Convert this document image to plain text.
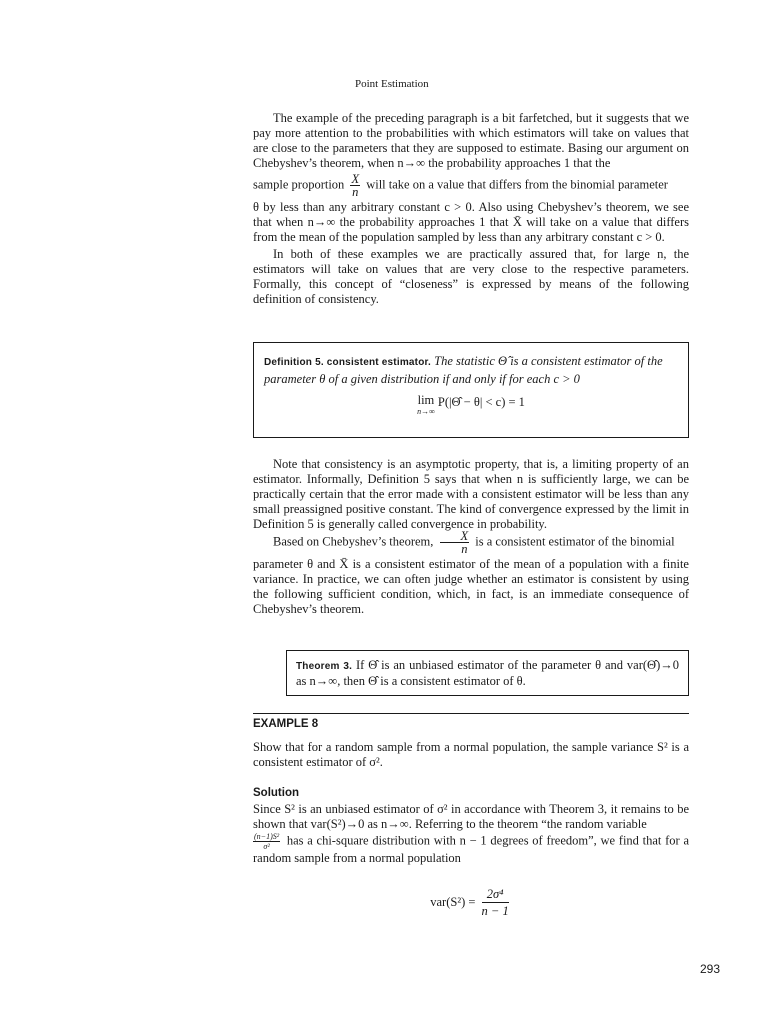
Point Estimation

The example of the preceding paragraph is a bit farfetched, but it suggests that we pay more attention to the probabilities with which estimators will take on values that are close to the parameters that they are supposed to estimate. Basing our argument on Chebyshev’s theorem, when n→∞ the probability approaches 1 that the

sample proportion $\frac{X}{n}$ will take on a value that differs from the binomial parameter

θ by less than any arbitrary constant c > 0. Also using Chebyshev’s theorem, we see that when n→∞ the probability approaches 1 that X̄ will take on a value that differs from the mean of the population sampled by less than any arbitrary constant c > 0.

In both of these examples we are practically assured that, for large n, the estimators will take on values that are very close to the respective parameters. Formally, this concept of “closeness” is expressed by means of the following definition of consistency.

Definition 5. consistent estimator. The statistic Θ̂ is a consistent estimator of the parameter θ of a given distribution if and only if for each c > 0
lim
n→∞
P(|Θ̂ − θ| < c) = 1

Note that consistency is an asymptotic property, that is, a limiting property of an estimator. Informally, Definition 5 says that when n is sufficiently large, we can be practically certain that the error made with a consistent estimator will be less than any small preassigned positive constant. The kind of convergence expressed by the limit in Definition 5 is generally called convergence in probability.

Based on Chebyshev’s theorem, $\frac{X}{n}$ is a consistent estimator of the binomial

parameter θ and X̄ is a consistent estimator of the mean of a population with a finite variance. In practice, we can often judge whether an estimator is consistent by using the following sufficient condition, which, in fact, is an immediate consequence of Chebyshev’s theorem.

Theorem 3. If Θ̂ is an unbiased estimator of the parameter θ and var(Θ̂)→0 as n→∞, then Θ̂ is a consistent estimator of θ.

EXAMPLE 8

Show that for a random sample from a normal population, the sample variance S² is a consistent estimator of σ².

Solution

Since S² is an unbiased estimator of σ² in accordance with Theorem 3, it remains to be shown that var(S²)→0 as n→∞. Referring to the theorem “the random variable

$\frac{\text{(n−1)S²}}{\text{σ²}}$ has a chi-square distribution with n − 1 degrees of freedom”, we find that for a random sample from a normal population

$var(S^2) = \frac{\text{2σ⁴}}{n - 1}$
293
